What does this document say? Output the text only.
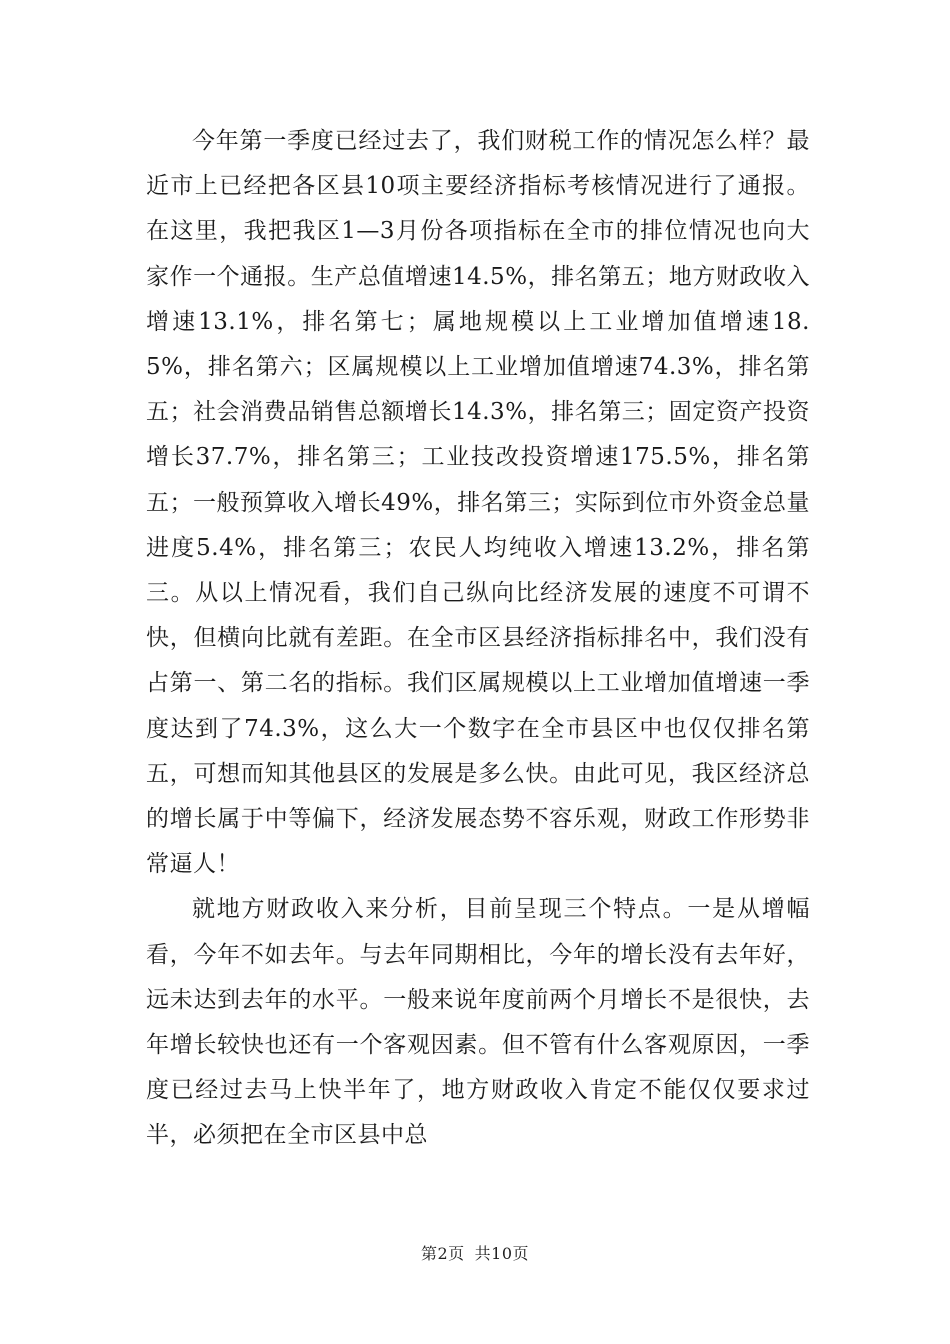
今年第一季度已经过去了，我们财税工作的情况怎么样？最近市上已经把各区县10项主要经济指标考核情况进行了通报。在这里，我把我区1—3月份各项指标在全市的排位情况也向大家作一个通报。生产总值增速14.5%，排名第五；地方财政收入增速13.1%，排名第七；属地规模以上工业增加值增速18.5%，排名第六；区属规模以上工业增加值增速74.3%，排名第五；社会消费品销售总额增长14.3%，排名第三；固定资产投资增长37.7%，排名第三；工业技改投资增速175.5%，排名第五；一般预算收入增长49%，排名第三；实际到位市外资金总量进度5.4%，排名第三；农民人均纯收入增速13.2%，排名第三。从以上情况看，我们自己纵向比经济发展的速度不可谓不快，但横向比就有差距。在全市区县经济指标排名中，我们没有占第一、第二名的指标。我们区属规模以上工业增加值增速一季度达到了74.3%，这么大一个数字在全市县区中也仅仅排名第五，可想而知其他县区的发展是多么快。由此可见，我区经济总的增长属于中等偏下，经济发展态势不容乐观，财政工作形势非常逼人！

就地方财政收入来分析，目前呈现三个特点。一是从增幅看，今年不如去年。与去年同期相比，今年的增长没有去年好，远未达到去年的水平。一般来说年度前两个月增长不是很快，去年增长较快也还有一个客观因素。但不管有什么客观原因，一季度已经过去马上快半年了，地方财政收入肯定不能仅仅要求过半，必须把在全市区县中总

第2页 共10页
